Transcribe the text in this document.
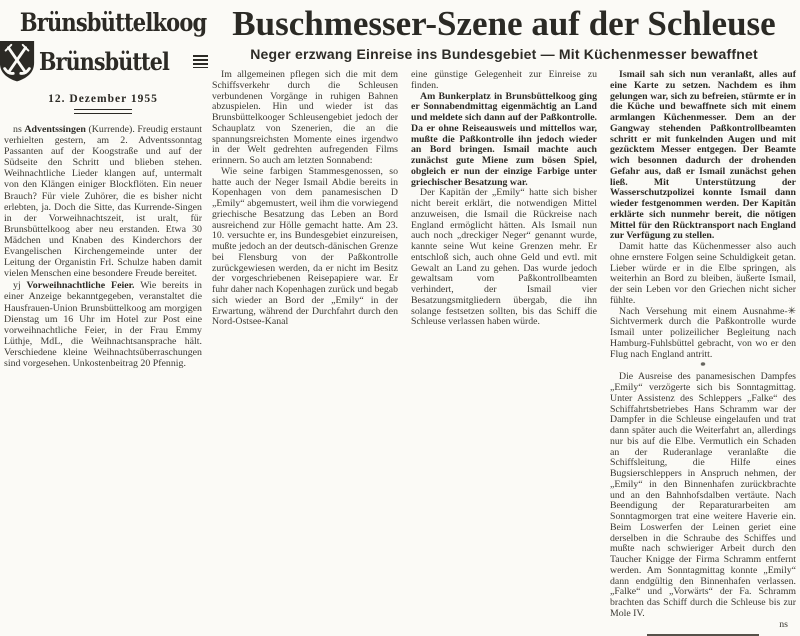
Brünsbüttelkoog
Brünsbüttel
12. Dezember 1955

ns Adventssingen (Kurrende). Freudig erstaunt verhielten gestern, am 2. Adventssonntag Passanten auf der Koogstraße und auf der Südseite den Schritt und blieben stehen. Weihnachtliche Lieder klangen auf, untermalt von den Klängen einiger Blockflöten. Ein neuer Brauch? Für viele Zuhörer, die es bisher nicht erlebten, ja. Doch die Sitte, das Kurrende-Singen in der Vorweihnachtszeit, ist uralt, für Brunsbüttelkoog aber neu erstanden. Etwa 30 Mädchen und Knaben des Kinderchors der Evangelischen Kirchengemeinde unter der Leitung der Organistin Frl. Schulze haben damit vielen Menschen eine besondere Freude bereitet.

yj Vorweihnachtliche Feier. Wie bereits in einer Anzeige bekanntgegeben, veranstaltet die Hausfrauen-Union Brunsbüttelkoog am morgigen Dienstag um 16 Uhr im Hotel zur Post eine vorweihnachtliche Feier, in der Frau Emmy Lüthje, MdL, die Weihnachtsansprache hält. Verschiedene kleine Weihnachtsüberraschungen sind vorgesehen. Unkostenbeitrag 20 Pfennig.

Buschmesser-Szene auf der Schleuse
Neger erzwang Einreise ins Bundesgebiet — Mit Küchenmesser bewaffnet

Im allgemeinen pflegen sich die mit dem Schiffsverkehr durch die Schleusen verbundenen Vorgänge in ruhigen Bahnen abzuspielen. Hin und wieder ist das Brunsbüttelkooger Schleusengebiet jedoch der Schauplatz von Szenerien, die an die spannungsreichsten Momente eines irgendwo in der Welt gedrehten aufregenden Films erinnern. So auch am letzten Sonnabend:

Wie seine farbigen Stammesgenossen, so hatte auch der Neger Ismail Abdie bereits in Kopenhagen von dem panamesischen D „Emily“ abgemustert, weil ihm die vorwiegend griechische Besatzung das Leben an Bord ausreichend zur Hölle gemacht hatte. Am 23. 10. versuchte er, ins Bundesgebiet einzureisen, mußte jedoch an der deutsch-dänischen Grenze bei Flensburg von der Paßkontrolle zurückgewiesen werden, da er nicht im Besitz der vorgeschriebenen Reisepapiere war. Er fuhr daher nach Kopenhagen zurück und begab sich wieder an Bord der „Emily“ in der Erwartung, während der Durchfahrt durch den Nord-Ostsee-Kanal

eine günstige Gelegenheit zur Einreise zu finden.

Am Bunkerplatz in Brunsbüttelkoog ging er Sonnabendmittag eigenmächtig an Land und meldete sich dann auf der Paßkontrolle. Da er ohne Reiseausweis und mittellos war, mußte die Paßkontrolle ihn jedoch wieder an Bord bringen. Ismail machte auch zunächst gute Miene zum bösen Spiel, obgleich er nun der einzige Farbige unter griechischer Besatzung war.

Der Kapitän der „Emily“ hatte sich bisher nicht bereit erklärt, die notwendigen Mittel anzuweisen, die Ismail die Rückreise nach England ermöglicht hätten. Als Ismail nun auch noch „dreckiger Neger“ genannt wurde, kannte seine Wut keine Grenzen mehr. Er entschloß sich, auch ohne Geld und evtl. mit Gewalt an Land zu gehen. Das wurde jedoch gewaltsam vom Paßkontrollbeamten verhindert, der Ismail vier Besatzungsmitgliedern übergab, die ihn solange festsetzen sollten, bis das Schiff die Schleuse verlassen haben würde.

Ismail sah sich nun veranlaßt, alles auf eine Karte zu setzen. Nachdem es ihm gelungen war, sich zu befreien, stürmte er in die Küche und bewaffnete sich mit einem armlangen Küchenmesser. Dem an der Gangway stehenden Paßkontrollbeamten schritt er mit funkelnden Augen und mit gezücktem Messer entgegen. Der Beamte wich besonnen dadurch der drohenden Gefahr aus, daß er Ismail zunächst gehen ließ. Mit Unterstützung der Wasserschutzpolizei konnte Ismail dann wieder festgenommen werden. Der Kapitän erklärte sich nunmehr bereit, die nötigen Mittel für den Rücktransport nach England zur Verfügung zu stellen.

Damit hatte das Küchenmesser also auch ohne ernstere Folgen seine Schuldigkeit getan. Lieber würde er in die Elbe springen, als weiterhin an Bord zu bleiben, äußerte Ismail, der sein Leben vor den Griechen nicht sicher fühlte.

✳
Nach Versehung mit einem Ausnahme-Sichtvermerk durch die Paßkontrolle wurde Ismail unter polizeilicher Begleitung nach Hamburg-Fuhlsbüttel gebracht, von wo er den Flug nach England antritt.

*

Die Ausreise des panamesischen Dampfes „Emily“ verzögerte sich bis Sonntagmittag. Unter Assistenz des Schleppers „Falke“ des Schiffahrtsbetriebes Hans Schramm war der Dampfer in die Schleuse eingelaufen und trat dann später auch die Weiterfahrt an, allerdings nur bis auf die Elbe. Vermutlich ein Schaden an der Ruderanlage veranlaßte die Schiffsleitung, die Hilfe eines Bugsierschleppers in Anspruch nehmen, der „Emily“ in den Binnenhafen zurückbrachte und an den Bahnhofsdalben vertäute. Nach Beendigung der Reparaturarbeiten am Sonntagmorgen trat eine weitere Haverie ein. Beim Loswerfen der Leinen geriet eine derselben in die Schraube des Schiffes und mußte nach schwieriger Arbeit durch den Taucher Knigge der Firma Schramm entfernt werden. Am Sonntagmittag konnte „Emily“ dann endgültig den Binnenhafen verlassen. „Falke“ und „Vorwärts“ der Fa. Schramm brachten das Schiff durch die Schleuse bis zur Mole IV.

ns
